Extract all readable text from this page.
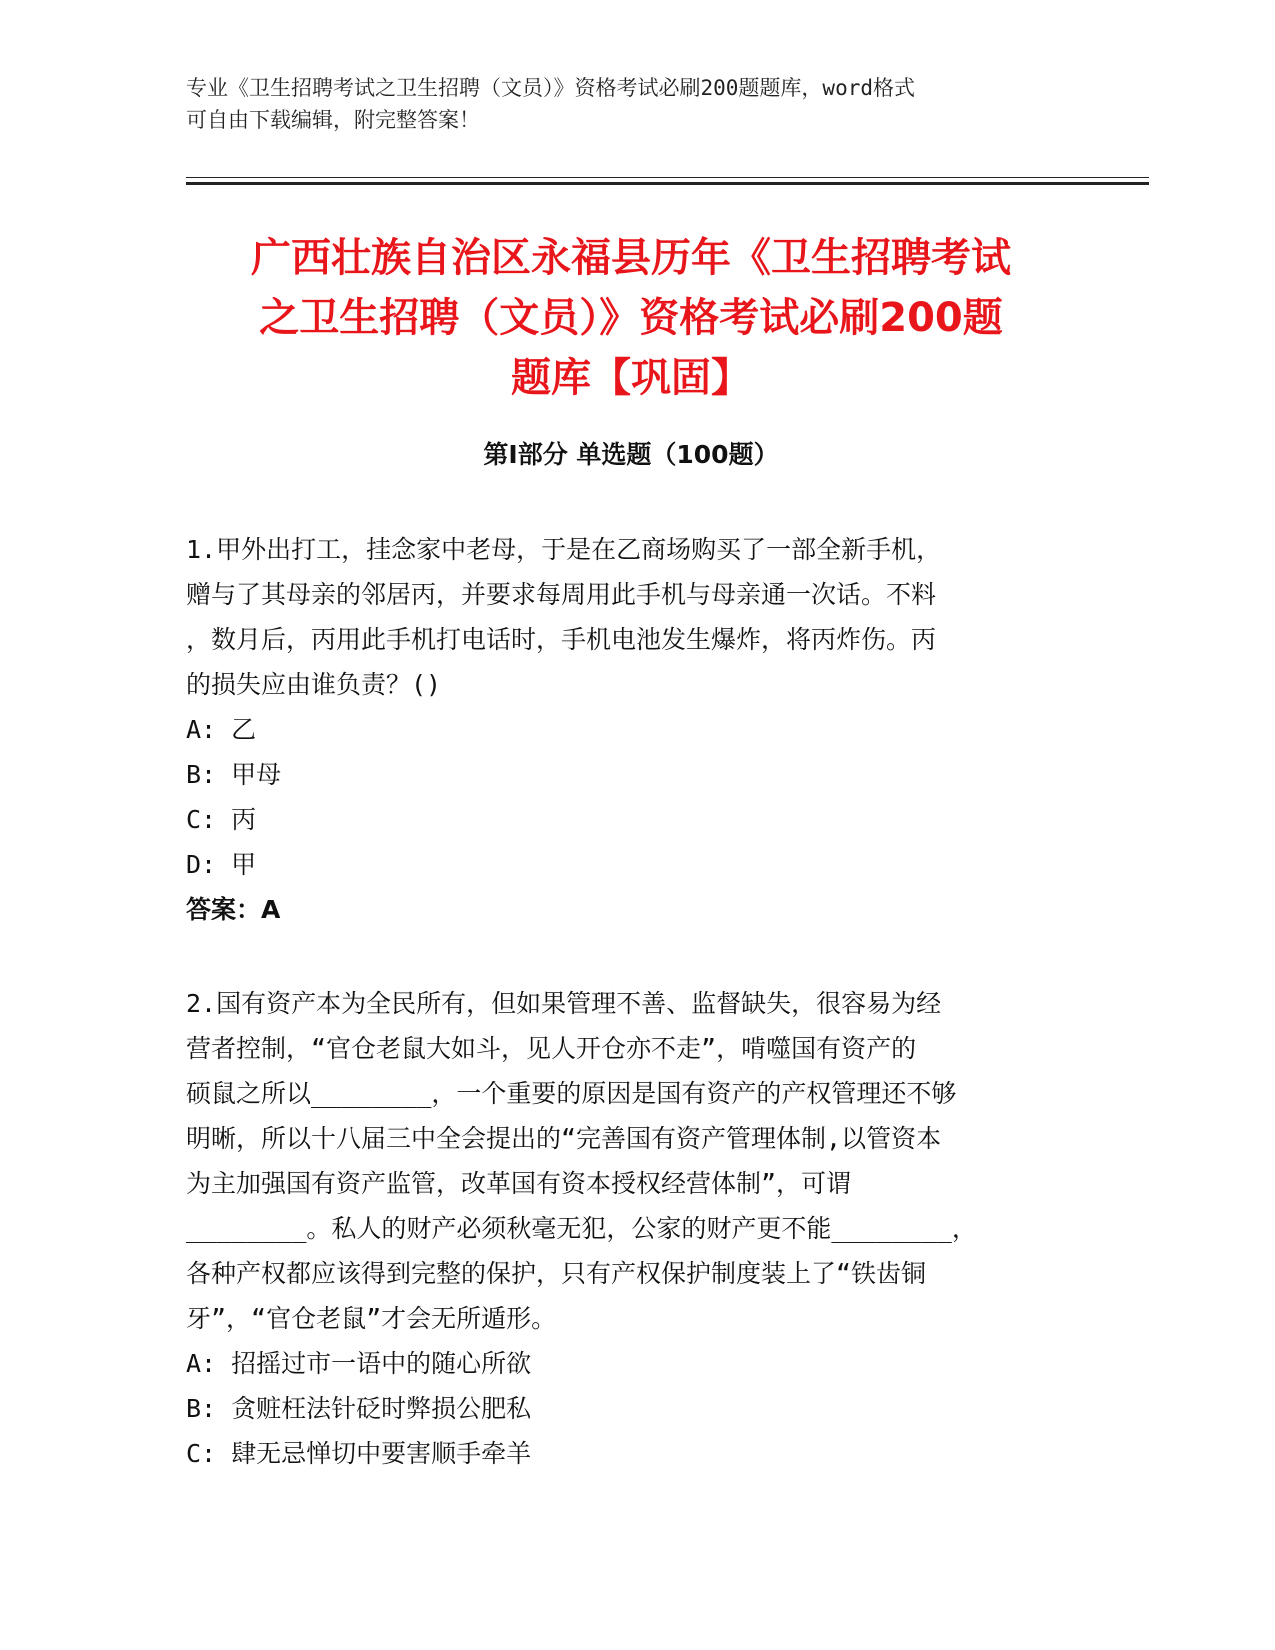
专业《卫生招聘考试之卫生招聘（文员）》资格考试必刷200题题库，word格式
可自由下载编辑，附完整答案！
广西壮族自治区永福县历年《卫生招聘考试
之卫生招聘（文员）》资格考试必刷200题
题库【巩固】
第Ⅰ部分 单选题（100题）

1.甲外出打工，挂念家中老母，于是在乙商场购买了一部全新手机，

赠与了其母亲的邻居丙，并要求每周用此手机与母亲通一次话。不料

，数月后，丙用此手机打电话时，手机电池发生爆炸，将丙炸伤。丙

的损失应由谁负责？()

A: 乙

B: 甲母

C: 丙

D: 甲

答案：A

2.国有资产本为全民所有，但如果管理不善、监督缺失，很容易为经

营者控制，“官仓老鼠大如斗，见人开仓亦不走”，啃噬国有资产的

硕鼠之所以________，一个重要的原因是国有资产的产权管理还不够

明晰，所以十八届三中全会提出的“完善国有资产管理体制,以管资本

为主加强国有资产监管，改革国有资本授权经营体制”，可谓

________。私人的财产必须秋毫无犯，公家的财产更不能________，

各种产权都应该得到完整的保护，只有产权保护制度装上了“铁齿铜

牙”，“官仓老鼠”才会无所遁形。

A: 招摇过市一语中的随心所欲

B: 贪赃枉法针砭时弊损公肥私

C: 肆无忌惮切中要害顺手牵羊
